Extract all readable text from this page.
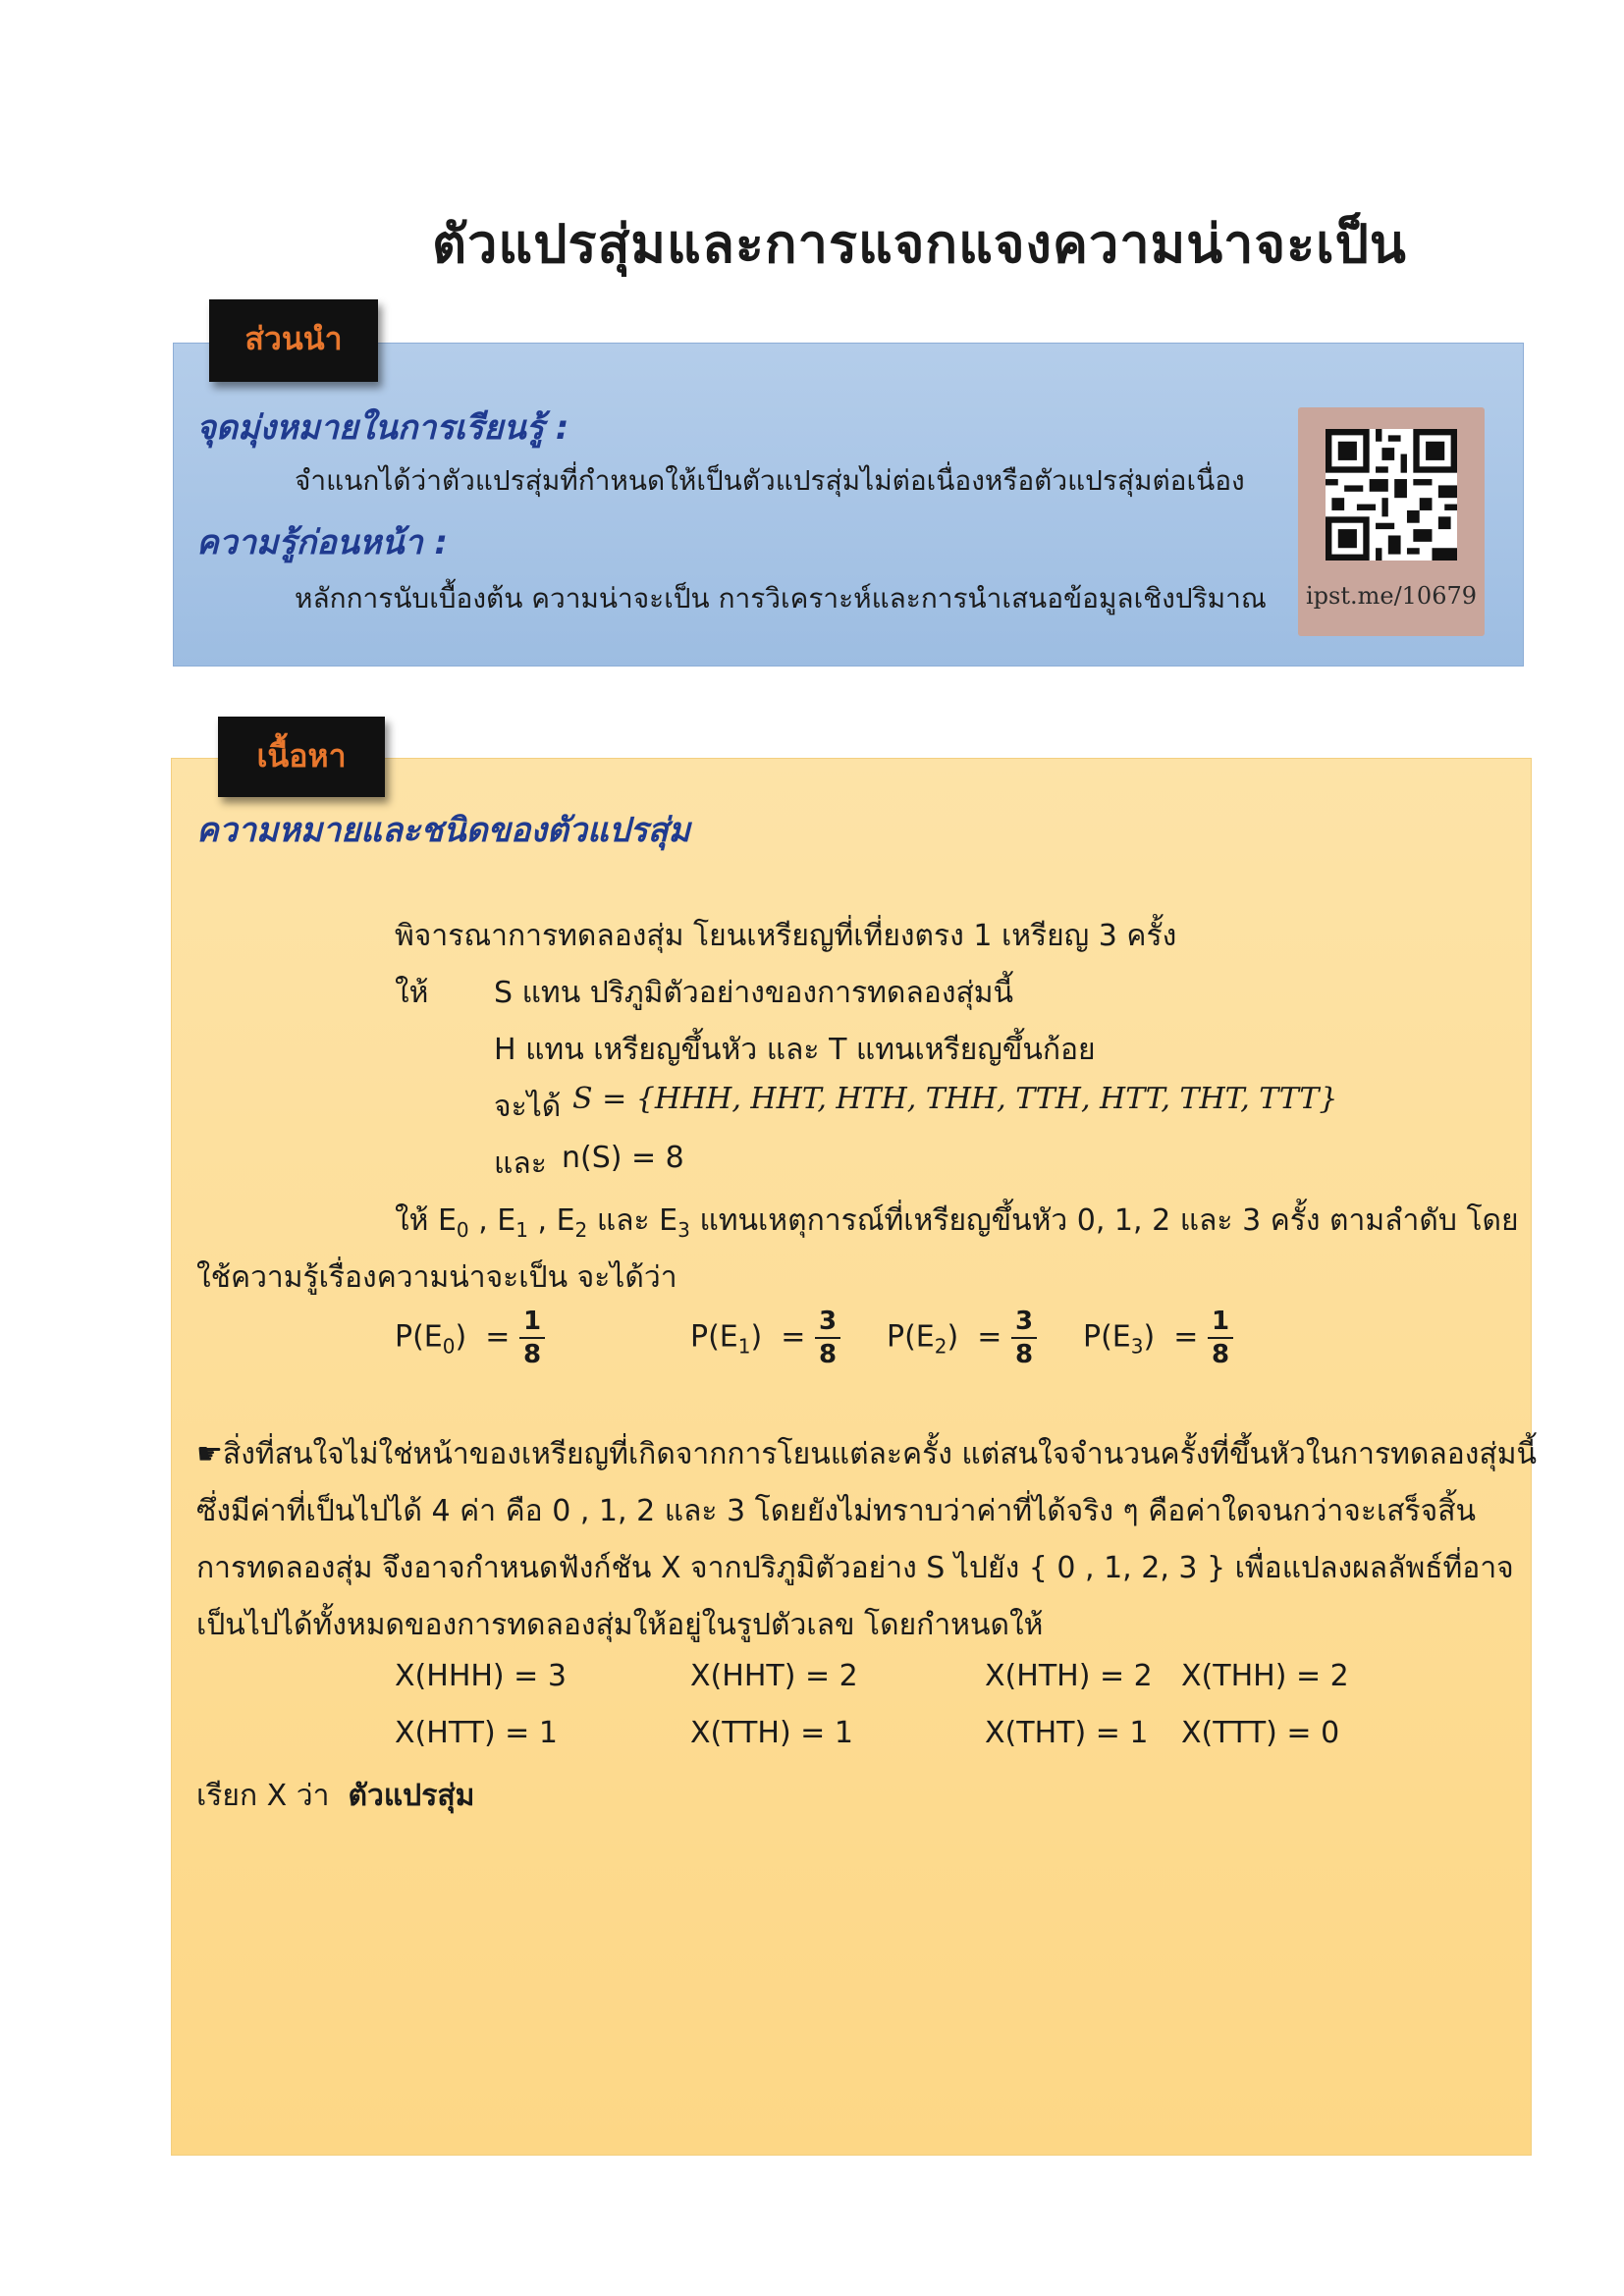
ตัวแปรสุ่มและการแจกแจงความน่าจะเป็น
ส่วนนำ
จุดมุ่งหมายในการเรียนรู้ :
จำแนกได้ว่าตัวแปรสุ่มที่กำหนดให้เป็นตัวแปรสุ่มไม่ต่อเนื่องหรือตัวแปรสุ่มต่อเนื่อง
ความรู้ก่อนหน้า :
หลักการนับเบื้องต้น ความน่าจะเป็น การวิเคราะห์และการนำเสนอข้อมูลเชิงปริมาณ	ipst.me/10679
เนื้อหา
ความหมายและชนิดของตัวแปรสุ่ม
พิจารณาการทดลองสุ่ม โยนเหรียญที่เที่ยงตรง 1 เหรียญ 3 ครั้ง
ให้ S แทน ปริภูมิตัวอย่างของการทดลองสุ่มนี้
H แทน เหรียญขึ้นหัว และ T แทนเหรียญขึ้นก้อย
จะได้ S = {HHH, HHT, HTH, THH, TTH, HTT, THT, TTT}
และ n(S) = 8
ให้ $E_0$ , $E_1$ , $E_2$ และ $E_3$ แทนเหตุการณ์ที่เหรียญขึ้นหัว 0, 1, 2 และ 3 ครั้ง ตามลำดับ โดย
ใช้ความรู้เรื่องความน่าจะเป็น จะได้ว่า
$P(E_0) = \frac{1}{8}$	$P(E_1) = \frac{3}{8} P(E_2) = \frac{3}{8} P(E_3) = \frac{1}{8}$
☛สิ่งที่สนใจไม่ใช่หน้าของเหรียญที่เกิดจากการโยนแต่ละครั้ง แต่สนใจจำนวนครั้งที่ขึ้นหัวในการทดลองสุ่มนี้
ซึ่งมีค่าที่เป็นไปได้ 4 ค่า คือ 0 , 1, 2 และ 3 โดยยังไม่ทราบว่าค่าที่ได้จริง ๆ คือค่าใดจนกว่าจะเสร็จสิ้น
การทดลองสุ่ม จึงอาจกำหนดฟังก์ชัน X จากปริภูมิตัวอย่าง S ไปยัง { 0 , 1, 2, 3 } เพื่อแปลงผลลัพธ์ที่อาจ
เป็นไปได้ทั้งหมดของการทดลองสุ่มให้อยู่ในรูปตัวเลข โดยกำหนดให้
X(HHH) = 3	X(HHT) = 2	X(HTH) = 2 X(THH) = 2
X(HTT) = 1	X(TTH) = 1	X(THT) = 1 X(TTT) = 0
เรียก X ว่า ตัวแปรสุ่ม
